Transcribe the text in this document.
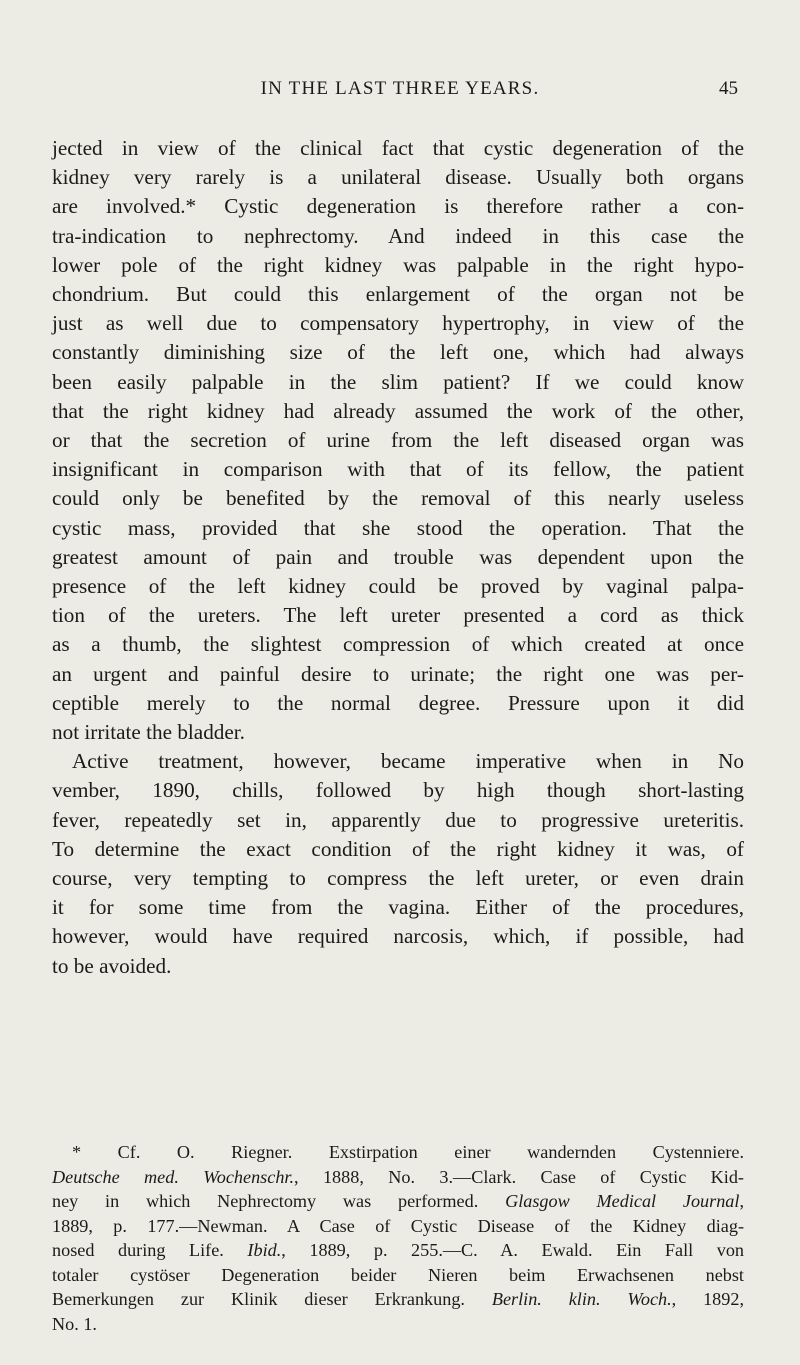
IN THE LAST THREE YEARS.	45
jected in view of the clinical fact that cystic degeneration of the
kidney very rarely is a unilateral disease. Usually both organs
are involved.* Cystic degeneration is therefore rather a con-
tra-indication to nephrectomy. And indeed in this case the
lower pole of the right kidney was palpable in the right hypo-
chondrium. But could this enlargement of the organ not be
just as well due to compensatory hypertrophy, in view of the
constantly diminishing size of the left one, which had always
been easily palpable in the slim patient? If we could know
that the right kidney had already assumed the work of the other,
or that the secretion of urine from the left diseased organ was
insignificant in comparison with that of its fellow, the patient
could only be benefited by the removal of this nearly useless
cystic mass, provided that she stood the operation. That the
greatest amount of pain and trouble was dependent upon the
presence of the left kidney could be proved by vaginal palpa-
tion of the ureters. The left ureter presented a cord as thick
as a thumb, the slightest compression of which created at once
an urgent and painful desire to urinate; the right one was per-
ceptible merely to the normal degree. Pressure upon it did
not irritate the bladder.
Active treatment, however, became imperative when in No
vember, 1890, chills, followed by high though short-lasting
fever, repeatedly set in, apparently due to progressive ureteritis.
To determine the exact condition of the right kidney it was, of
course, very tempting to compress the left ureter, or even drain
it for some time from the vagina. Either of the procedures,
however, would have required narcosis, which, if possible, had
to be avoided.
* Cf. O. Riegner. Exstirpation einer wandernden Cystenniere.
Deutsche med. Wochenschr., 1888, No. 3.—Clark. Case of Cystic Kid-
ney in which Nephrectomy was performed. Glasgow Medical Journal,
1889, p. 177.—Newman. A Case of Cystic Disease of the Kidney diag-
nosed during Life. Ibid., 1889, p. 255.—C. A. Ewald. Ein Fall von
totaler cystöser Degeneration beider Nieren beim Erwachsenen nebst
Bemerkungen zur Klinik dieser Erkrankung. Berlin. klin. Woch., 1892,
No. 1.
